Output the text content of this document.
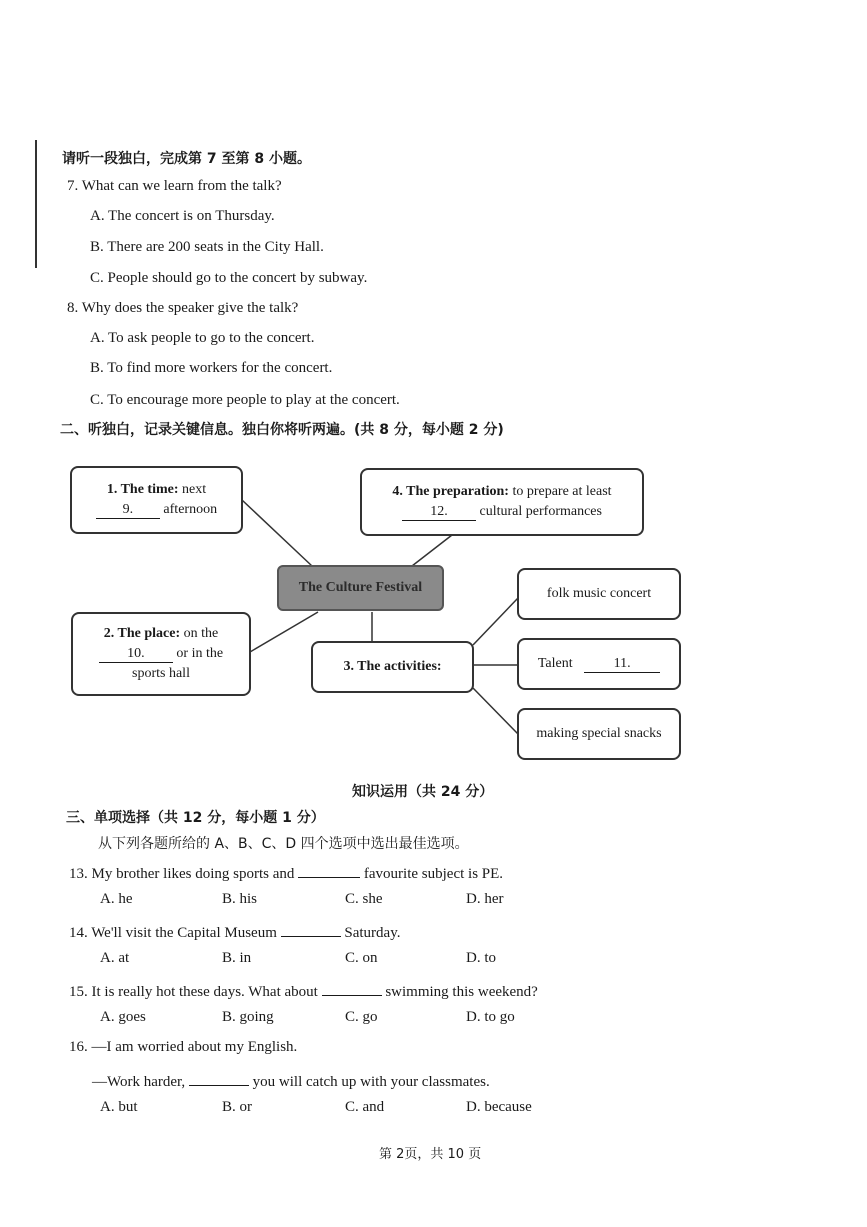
请听一段独白，完成第 7 至第 8 小题。
7. What can we learn from the talk?
A. The concert is on Thursday.
B. There are 200 seats in the City Hall.
C. People should go to the concert by subway.
8. Why does the speaker give the talk?
A. To ask people to go to the concert.
B. To find more workers for the concert.
C. To encourage more people to play at the concert.
二、听独白，记录关键信息。独白你将听两遍。(共 8 分，每小题 2 分)
1. The time: next
9. afternoon
4. The preparation: to prepare at least
12. cultural performances
The Culture Festival
2. The place: on the
10. or in the
sports hall	3. The activities:
folk music concert
Talent	11.
making special snacks
知识运用（共 24 分）
三、单项选择（共 12 分，每小题 1 分）
从下列各题所给的 A、B、C、D 四个选项中选出最佳选项。
13. My brother likes doing sports and	favourite subject is PE.
A. he	B. his	C. she	D. her
14. We'll visit the Capital Museum	Saturday.
A. at	B. in	C. on	D. to
15. It is really hot these days. What about	swimming this weekend?
A. goes	B. going	C. go	D. to go
16. —I am worried about my English.
—Work harder,	you will catch up with your classmates.
A. but	B. or	C. and	D. because
第 2页，共 10 页
